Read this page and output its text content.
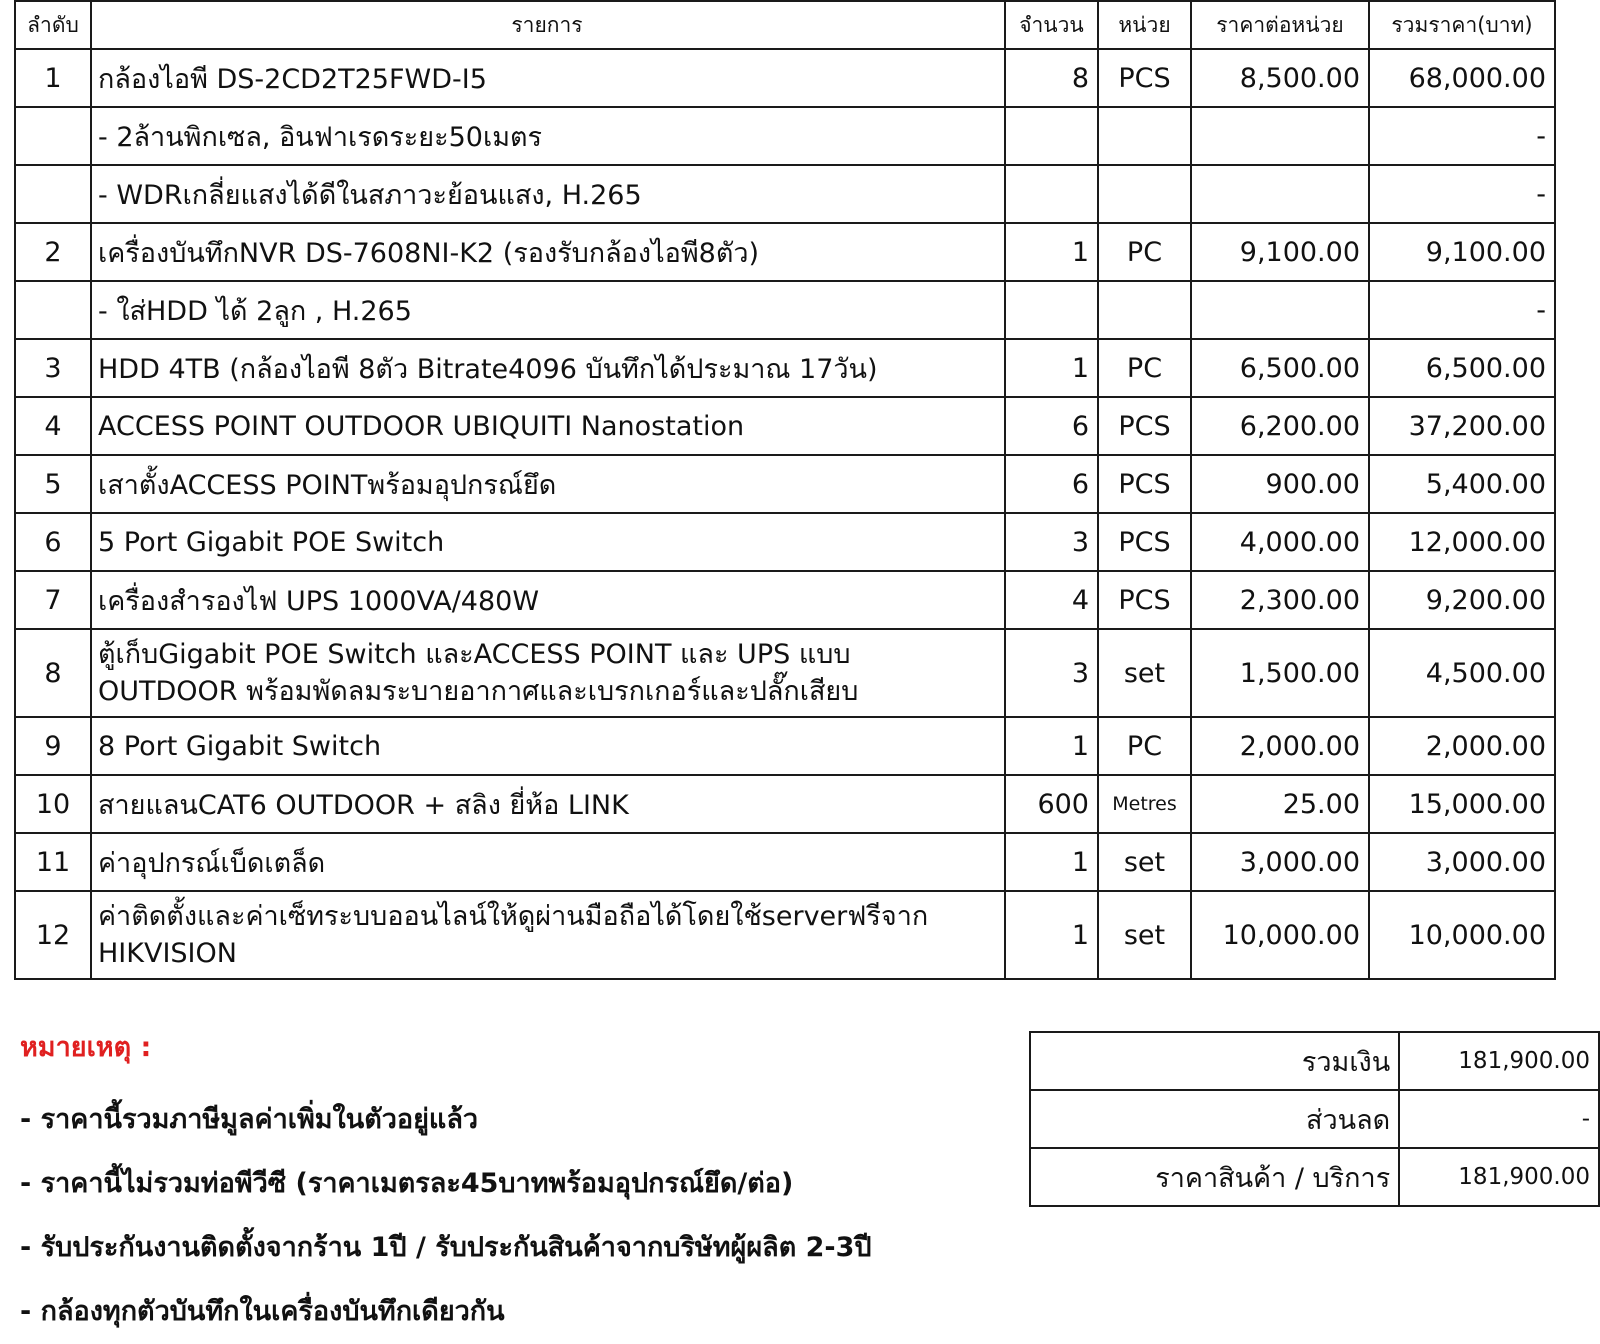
ลำดับ	รายการ	จำนวน	หน่วย	ราคาต่อหน่วย	รวมราคา(บาท)
1	กล้องไอพี DS-2CD2T25FWD-I5	8	PCS	8,500.00	68,000.00
	- 2ล้านพิกเซล, อินฟาเรดระยะ50เมตร				-
	- WDRเกลี่ยแสงได้ดีในสภาวะย้อนแสง, H.265				-
2	เครื่องบันทึกNVR DS-7608NI-K2 (รองรับกล้องไอพี8ตัว)	1	PC	9,100.00	9,100.00
	- ใส่HDD ได้ 2ลูก , H.265				-
3	HDD 4TB (กล้องไอพี 8ตัว Bitrate4096 บันทึกได้ประมาณ 17วัน)	1	PC	6,500.00	6,500.00
4	ACCESS POINT OUTDOOR UBIQUITI Nanostation	6	PCS	6,200.00	37,200.00
5	เสาตั้งACCESS POINTพร้อมอุปกรณ์ยึด	6	PCS	900.00	5,400.00
6	5 Port Gigabit POE Switch	3	PCS	4,000.00	12,000.00
7	เครื่องสำรองไฟ UPS 1000VA/480W	4	PCS	2,300.00	9,200.00
8	ตู้เก็บGigabit POE Switch และACCESS POINT และ UPS แบบ OUTDOOR พร้อมพัดลมระบายอากาศและเบรกเกอร์และปลั๊กเสียบ	3	set	1,500.00	4,500.00
9	8 Port Gigabit Switch	1	PC	2,000.00	2,000.00
10	สายแลนCAT6 OUTDOOR + สลิง ยี่ห้อ LINK	600	Metres	25.00	15,000.00
11	ค่าอุปกรณ์เบ็ดเตล็ด	1	set	3,000.00	3,000.00
12	ค่าติดตั้งและค่าเซ็ทระบบออนไลน์ให้ดูผ่านมือถือได้โดยใช้serverฟรีจาก HIKVISION	1	set	10,000.00	10,000.00
รวมเงิน	181,900.00
ส่วนลด	-
ราคาสินค้า / บริการ	181,900.00
หมายเหตุ :
- ราคานี้รวมภาษีมูลค่าเพิ่มในตัวอยู่แล้ว
- ราคานี้ไม่รวมท่อพีวีซี (ราคาเมตรละ45บาทพร้อมอุปกรณ์ยึด/ต่อ)
- รับประกันงานติดตั้งจากร้าน 1ปี / รับประกันสินค้าจากบริษัทผู้ผลิต 2-3ปี
- กล้องทุกตัวบันทึกในเครื่องบันทึกเดียวกัน
